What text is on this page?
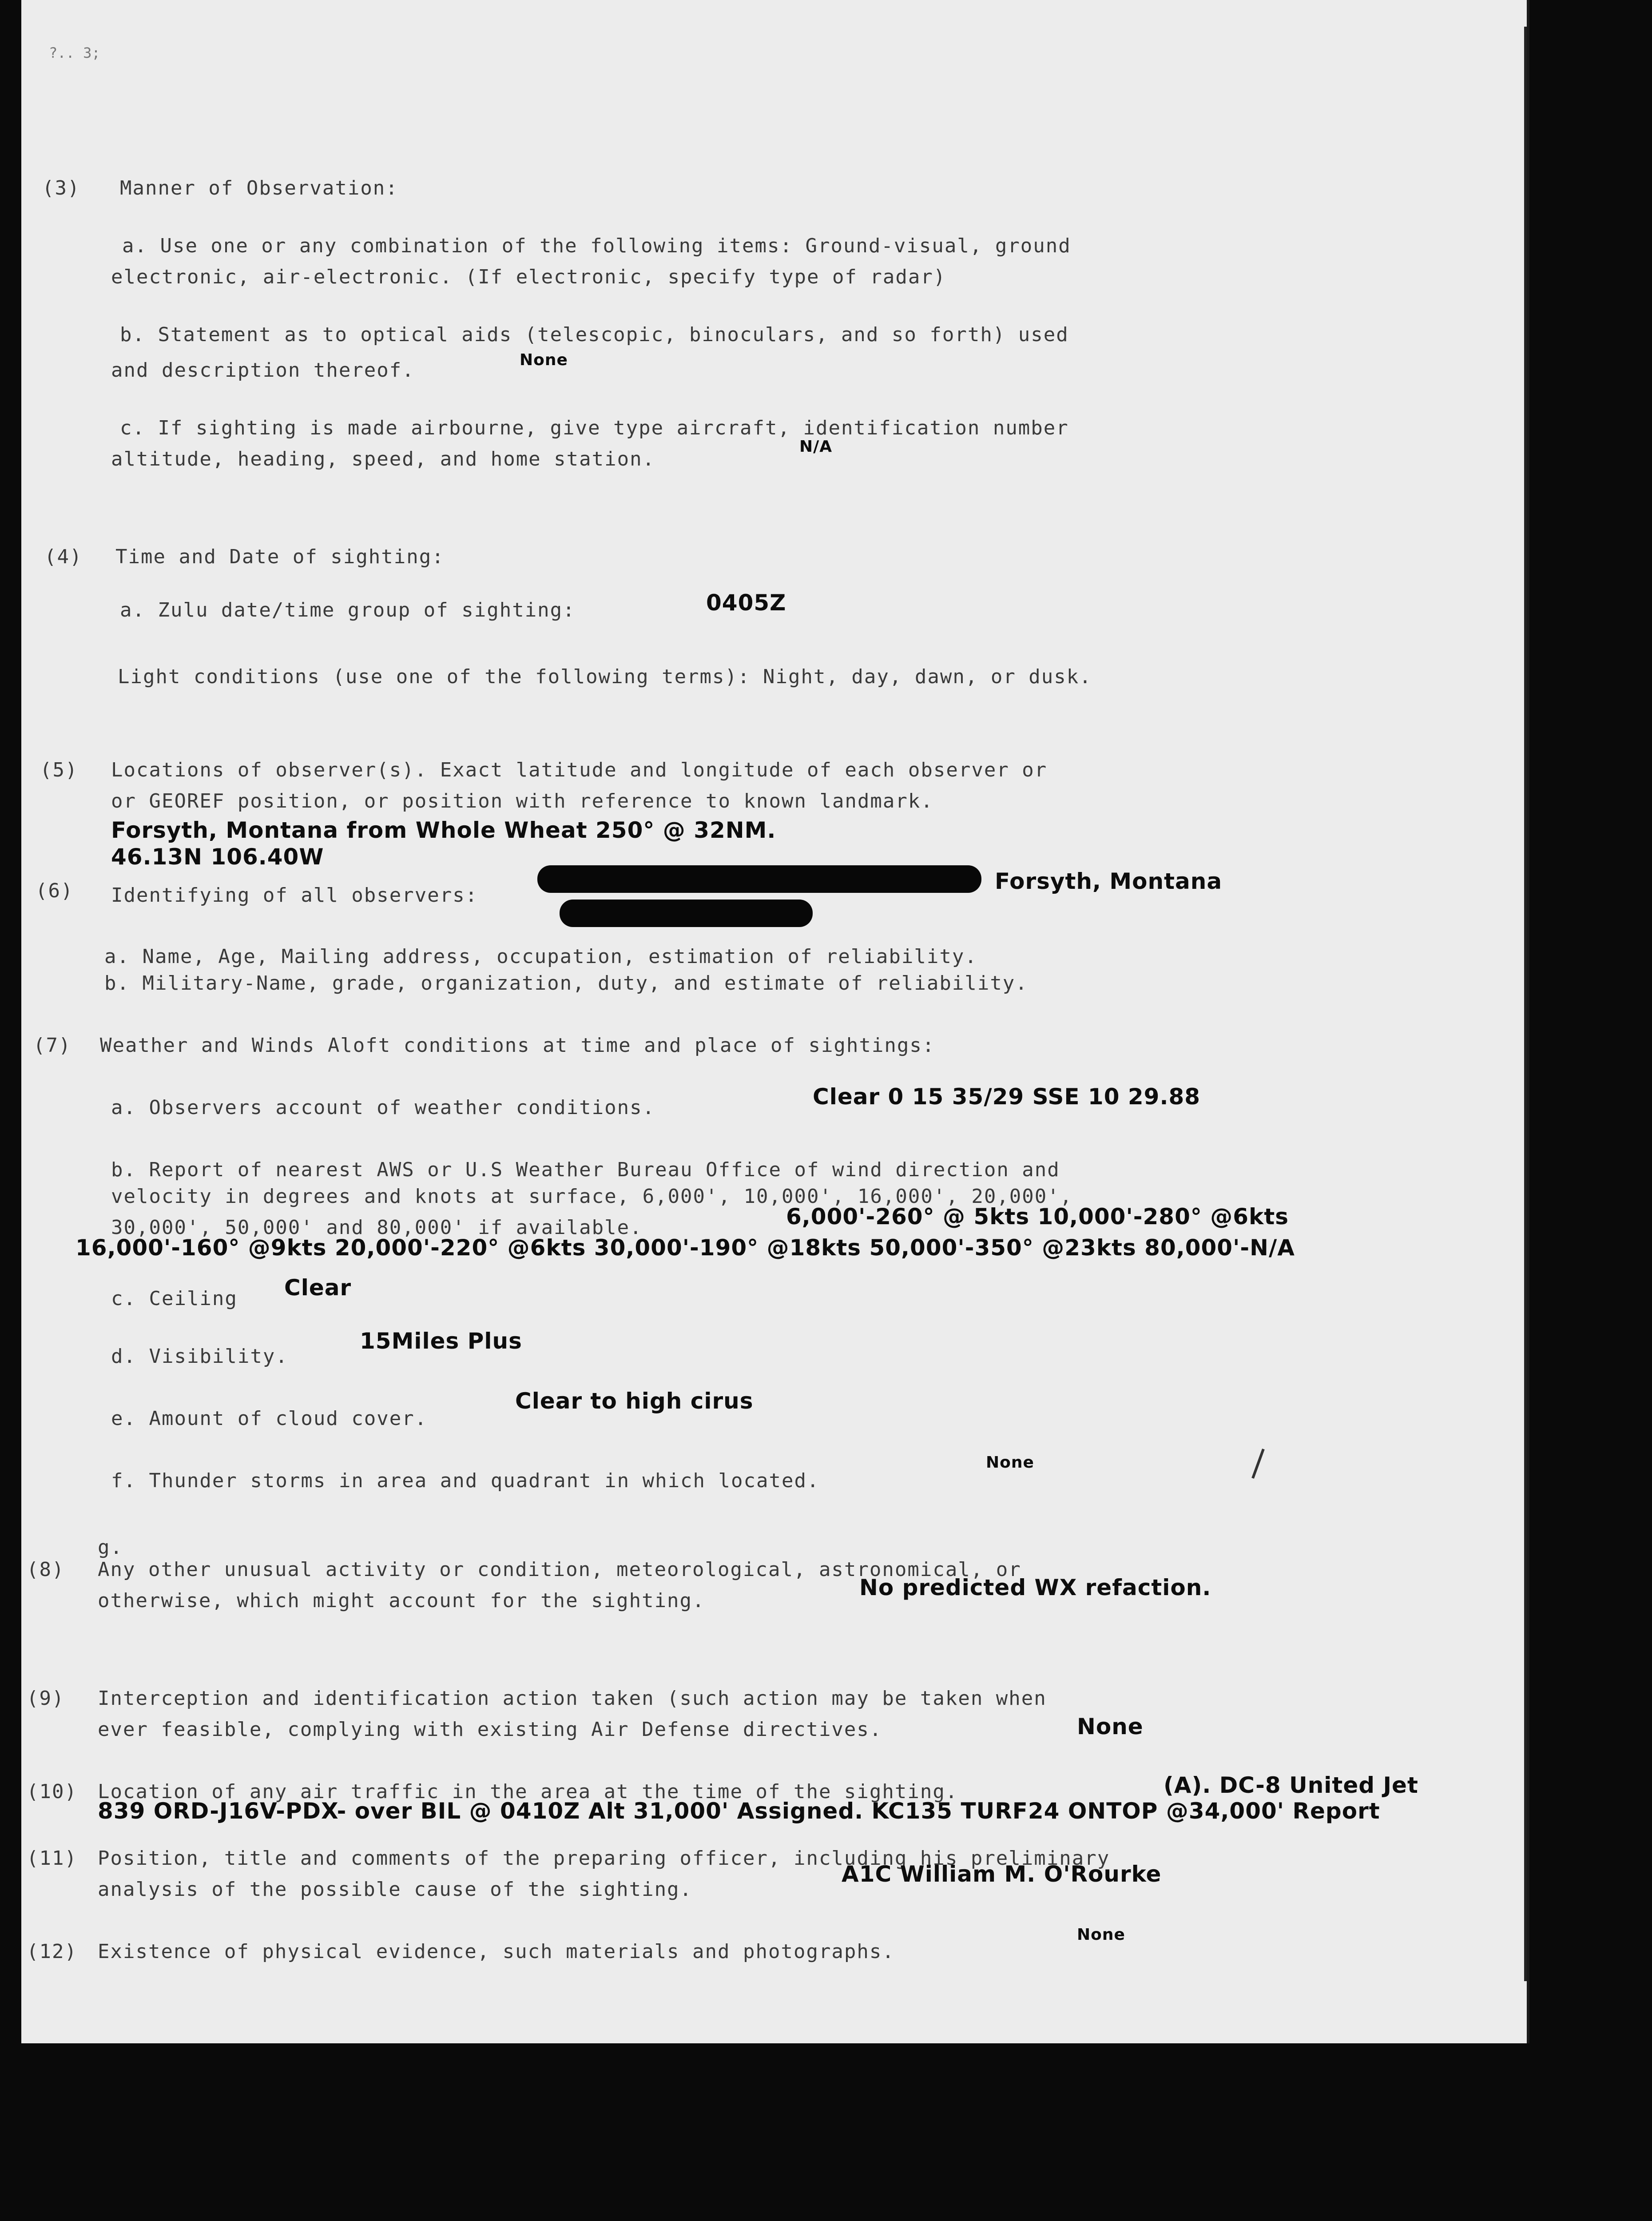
?.. 3;
(3) Manner of Observation:
a. Use one or any combination of the following items: Ground-visual, ground
electronic, air-electronic. (If electronic, specify type of radar)
b. Statement as to optical aids (telescopic, binoculars, and so forth) used
and description thereof.	None
c. If sighting is made airbourne, give type aircraft, identification number
altitude, heading, speed, and home station.
N/A
(4) Time and Date of sighting:
a. Zulu date/time group of sighting:	0405Z
Light conditions (use one of the following terms): Night, day, dawn, or dusk.
(5) Locations of observer(s). Exact latitude and longitude of each observer or
or GEOREF position, or position with reference to known landmark.
Forsyth, Montana from Whole Wheat 250° @ 32NM.
46.13N 106.40W
(6) Identifying of all observers:
Forsyth, Montana
a. Name, Age, Mailing address, occupation, estimation of reliability.
b. Military-Name, grade, organization, duty, and estimate of reliability.
(7) Weather and Winds Aloft conditions at time and place of sightings:
a. Observers account of weather conditions.	Clear 0 15 35/29 SSE 10 29.88
b. Report of nearest AWS or U.S Weather Bureau Office of wind direction and
velocity in degrees and knots at surface, 6,000', 10,000', 16,000', 20,000',
30,000', 50,000' and 80,000' if available.	6,000'-260° @ 5kts 10,000'-280° @6kts
16,000'-160° @9kts 20,000'-220° @6kts 30,000'-190° @18kts 50,000'-350° @23kts 80,000'-N/A
c. Ceiling Clear
d. Visibility.
15Miles Plus
e. Amount of cloud cover.
Clear to high cirus
f. Thunder storms in area and quadrant in which located.
None
g.
(8) Any other unusual activity or condition, meteorological, astronomical, or
otherwise, which might account for the sighting.
No predicted WX refaction.
(9) Interception and identification action taken (such action may be taken when
ever feasible, complying with existing Air Defense directives.	None
(10) Location of any air traffic in the area at the time of the sighting.	(A). DC-8 United Jet
839 ORD-J16V-PDX- over BIL @ 0410Z Alt 31,000' Assigned. KC135 TURF24 ONTOP @34,000' Report
(11) Position, title and comments of the preparing officer, including his preliminary
analysis of the possible cause of the sighting.
A1C William M. O'Rourke
(12) Existence of physical evidence, such materials and photographs.
None
